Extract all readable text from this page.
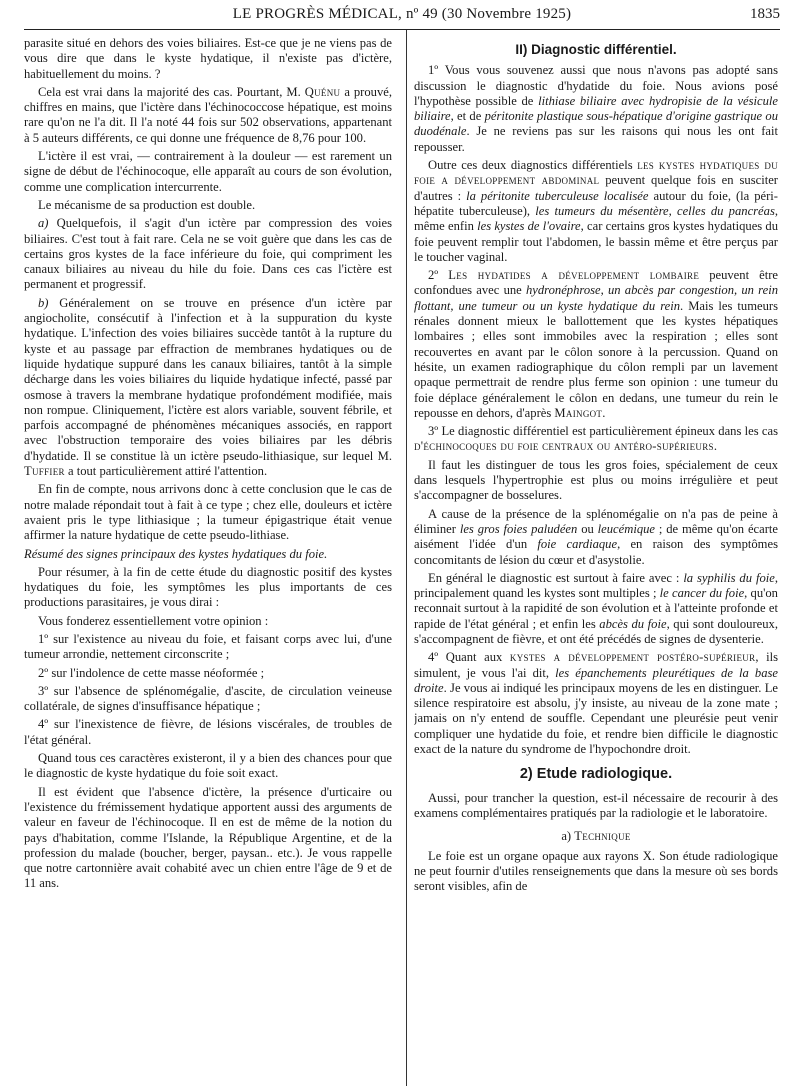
LE PROGRÈS MÉDICAL, nº 49 (30 Novembre 1925)	1835

parasite situé en dehors des voies biliaires. Est-ce que je ne viens pas de vous dire que dans le kyste hydatique, il n'existe pas d'ictère, habituellement du moins. ?

Cela est vrai dans la majorité des cas. Pourtant, M. Quénu a prouvé, chiffres en mains, que l'ictère dans l'échinococcose hépatique, est moins rare qu'on ne l'a dit. Il l'a noté 44 fois sur 502 observations, appartenant à 5 auteurs différents, ce qui donne une fréquence de 8,76 pour 100.

L'ictère il est vrai, — contrairement à la douleur — est rarement un signe de début de l'échinocoque, elle apparaît au cours de son évolution, comme une complication intercurrente.

Le mécanisme de sa production est double.

a) Quelquefois, il s'agit d'un ictère par compression des voies biliaires. C'est tout à fait rare. Cela ne se voit guère que dans les cas de certains gros kystes de la face inférieure du foie, qui compriment les canaux biliaires au niveau du hile du foie. Dans ces cas l'ictère est permanent et progressif.

b) Généralement on se trouve en présence d'un ictère par angiocholite, consécutif à l'infection et à la suppuration du kyste hydatique. L'infection des voies biliaires succède tantôt à la rupture du kyste et au passage par effraction de membranes hydatiques ou de liquide hydatique suppuré dans les canaux biliaires, tantôt à la simple décharge dans les voies biliaires du liquide hydatique infecté, passé par osmose à travers la membrane hydatique profondément modifiée, mais non rompue. Cliniquement, l'ictère est alors variable, souvent fébrile, et parfois accompagné de phénomènes mécaniques associés, en rapport avec l'obstruction temporaire des voies biliaires par les débris d'hydatide. Il se constitue là un ictère pseudo-lithiasique, sur lequel M. Tuffier a tout particulièrement attiré l'attention.

En fin de compte, nous arrivons donc à cette conclusion que le cas de notre malade répondait tout à fait à ce type ; chez elle, douleurs et ictère avaient pris le type lithiasique ; la tumeur épigastrique était venue affirmer la nature hydatique de cette pseudo-lithiase.

Résumé des signes principaux des kystes hydatiques du foie.

Pour résumer, à la fin de cette étude du diagnostic positif des kystes hydatiques du foie, les symptômes les plus importants de ces productions parasitaires, je vous dirai :

Vous fonderez essentiellement votre opinion :

1º sur l'existence au niveau du foie, et faisant corps avec lui, d'une tumeur arrondie, nettement circonscrite ;

2º sur l'indolence de cette masse néoformée ;

3º sur l'absence de splénomégalie, d'ascite, de circulation veineuse collatérale, de signes d'insuffisance hépatique ;

4º sur l'inexistence de fièvre, de lésions viscérales, de troubles de l'état général.

Quand tous ces caractères existeront, il y a bien des chances pour que le diagnostic de kyste hydatique du foie soit exact.

Il est évident que l'absence d'ictère, la présence d'urticaire ou l'existence du frémissement hydatique apportent aussi des arguments de valeur en faveur de l'échinocoque. Il en est de même de la notion du pays d'habitation, comme l'Islande, la République Argentine, et de la profession du malade (boucher, berger, paysan.. etc.). Je vous rappelle que notre cartonnière avait cohabité avec un chien entre l'âge de 9 et de 11 ans.

II) Diagnostic différentiel.

1º Vous vous souvenez aussi que nous n'avons pas adopté sans discussion le diagnostic d'hydatide du foie. Nous avions posé l'hypothèse possible de lithiase biliaire avec hydropisie de la vésicule biliaire, et de péritonite plastique sous-hépatique d'origine gastrique ou duodénale. Je ne reviens pas sur les raisons qui nous les ont fait repousser.

Outre ces deux diagnostics différentiels les kystes hydatiques du foie a développement abdominal peuvent quelque fois en susciter d'autres : la péritonite tuberculeuse localisée autour du foie, (la péri-hépatite tuberculeuse), les tumeurs du mésentère, celles du pancréas, même enfin les kystes de l'ovaire, car certains gros kystes hydatiques du foie peuvent remplir tout l'abdomen, le bassin même et être perçus par le toucher vaginal.

2º Les hydatides a développement lombaire peuvent être confondues avec une hydronéphrose, un abcès par congestion, un rein flottant, une tumeur ou un kyste hydatique du rein. Mais les tumeurs rénales donnent mieux le ballottement que les kystes hépatiques lombaires ; elles sont immobiles avec la respiration ; elles sont recouvertes en avant par le côlon sonore à la percussion. Quand on hésite, un examen radiographique du côlon rempli par un lavement opaque permettrait de rendre plus ferme son opinion : une tumeur du foie déplace généralement le côlon en dedans, une tumeur du rein le repousse en dehors, d'après Maingot.

3º Le diagnostic différentiel est particulièrement épineux dans les cas d'échinocoques du foie centraux ou antéro-supérieurs.

Il faut les distinguer de tous les gros foies, spécialement de ceux dans lesquels l'hypertrophie est plus ou moins irrégulière et peut s'accompagner de bosselures.

A cause de la présence de la splénomégalie on n'a pas de peine à éliminer les gros foies paludéen ou leucémique ; de même qu'on écarte aisément l'idée d'un foie cardiaque, en raison des symptômes concomitants de lésion du cœur et d'asystolie.

En général le diagnostic est surtout à faire avec : la syphilis du foie, principalement quand les kystes sont multiples ; le cancer du foie, qu'on reconnait surtout à la rapidité de son évolution et à l'atteinte profonde et rapide de l'état général ; et enfin les abcès du foie, qui sont douloureux, s'accompagnent de fièvre, et ont été précédés de signes de dysenterie.

4º Quant aux kystes a développement postéro-supérieur, ils simulent, je vous l'ai dit, les épanchements pleurétiques de la base droite. Je vous ai indiqué les principaux moyens de les en distinguer. Le silence respiratoire est absolu, j'y insiste, au niveau de la zone mate ; jamais on n'y entend de souffle. Cependant une pleurésie peut venir compliquer une hydatide du foie, et rendre bien difficile le diagnostic exact de la nature du syndrome de l'hypochondre droit.

2) Etude radiologique.

Aussi, pour trancher la question, est-il nécessaire de recourir à des examens complémentaires pratiqués par la radiologie et le laboratoire.

a) Technique

Le foie est un organe opaque aux rayons X. Son étude radiologique ne peut fournir d'utiles renseignements que dans la mesure où ses bords seront visibles, afin de
